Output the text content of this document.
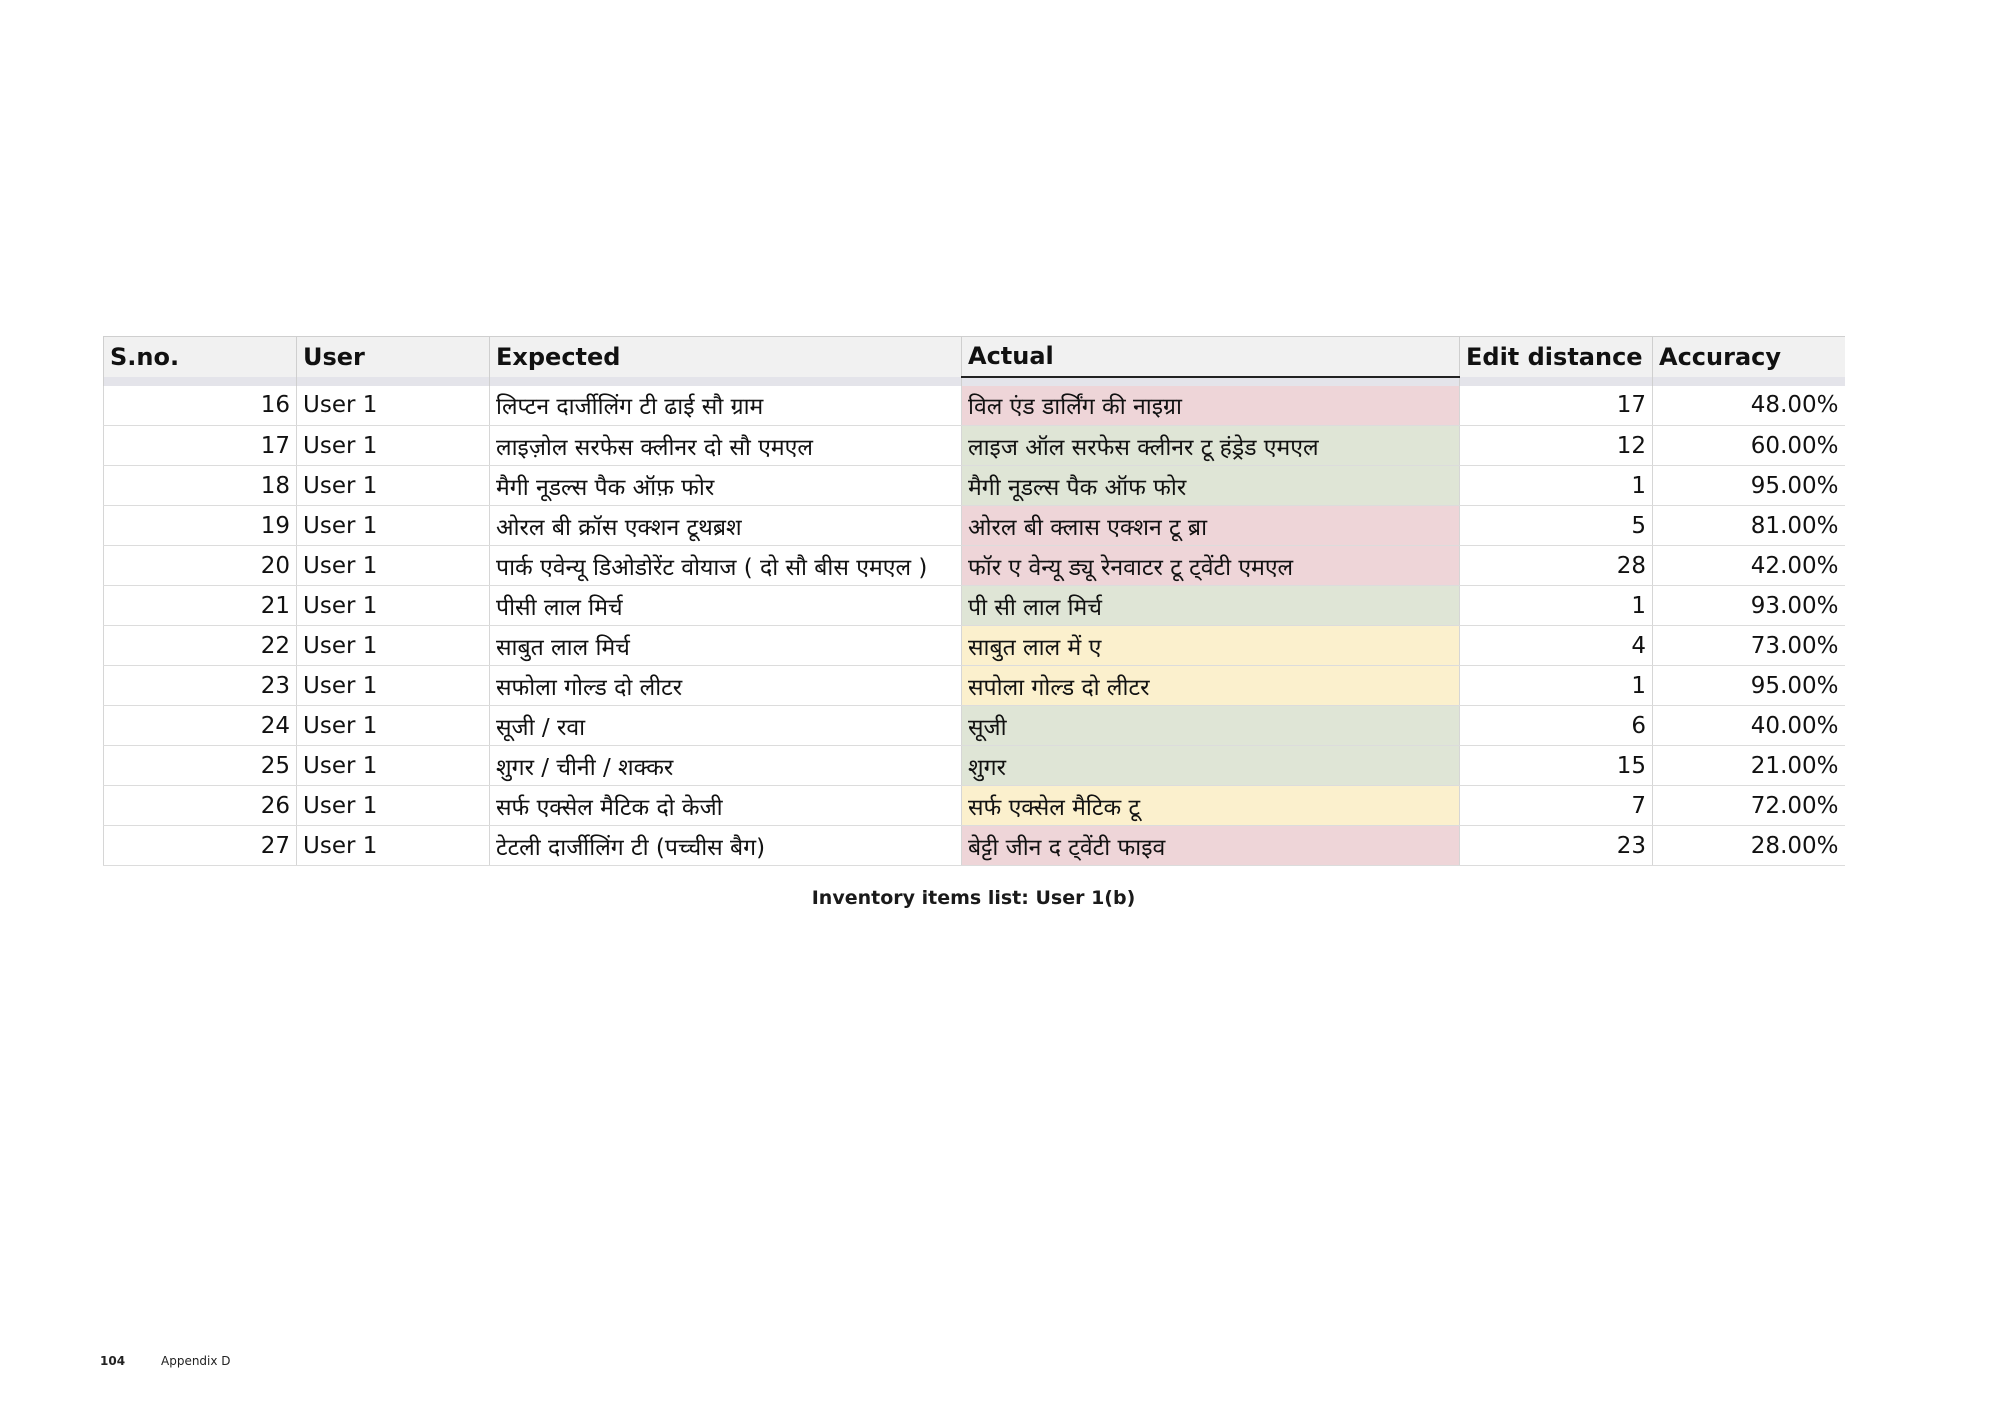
S.no.	User	Expected	Actual	Edit distance	Accuracy

16	User 1	लिप्टन दार्जीलिंग टी ढाई सौ ग्राम	विल एंड डार्लिंग की नाइग्रा	17	48.00%
17	User 1	लाइज़ोल सरफेस क्लीनर दो सौ एमएल	लाइज ऑल सरफेस क्लीनर टू हंड्रेड एमएल	12	60.00%
18	User 1	मैगी नूडल्स पैक ऑफ़ फोर	मैगी नूडल्स पैक ऑफ फोर	1	95.00%
19	User 1	ओरल बी क्रॉस एक्शन टूथब्रश	ओरल बी क्लास एक्शन टू ब्रा	5	81.00%
20	User 1	पार्क एवेन्यू डिओडोरेंट वोयाज ( दो सौ बीस एमएल )	फॉर ए वेन्यू ड्यू रेनवाटर टू ट्वेंटी एमएल	28	42.00%
21	User 1	पीसी लाल मिर्च	पी सी लाल मिर्च	1	93.00%
22	User 1	साबुत लाल मिर्च	साबुत लाल में ए	4	73.00%
23	User 1	सफोला गोल्ड दो लीटर	सपोला गोल्ड दो लीटर	1	95.00%
24	User 1	सूजी / रवा	सूजी	6	40.00%
25	User 1	शुगर / चीनी / शक्कर	शुगर	15	21.00%
26	User 1	सर्फ एक्सेल मैटिक दो केजी	सर्फ एक्सेल मैटिक टू	7	72.00%
27	User 1	टेटली दार्जीलिंग टी (पच्चीस बैग)	बेट्टी जीन द ट्वेंटी फाइव	23	28.00%
Inventory items list: User 1(b)
104	Appendix D
